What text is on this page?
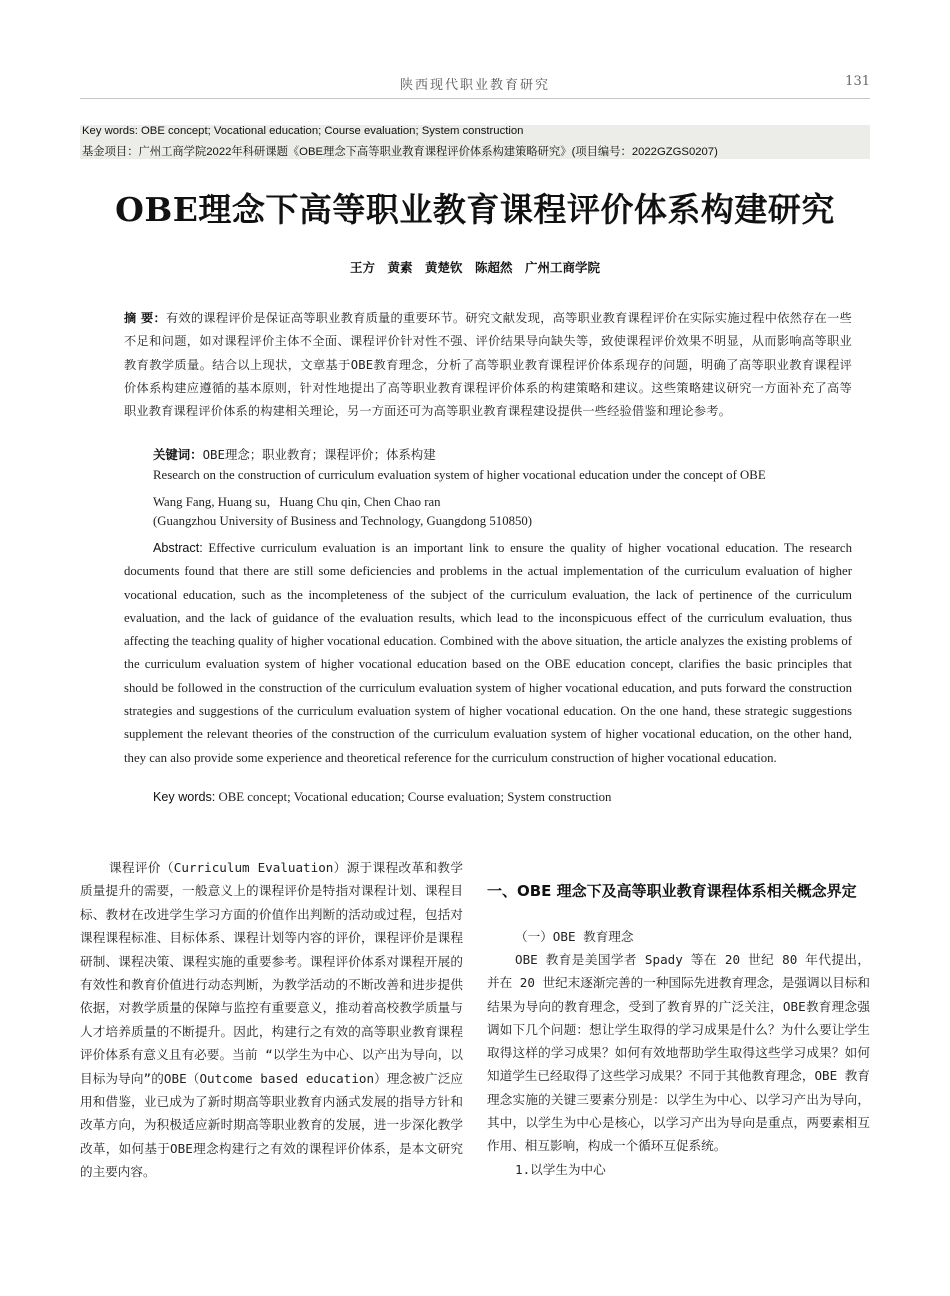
陕西现代职业教育研究	131
Key words: OBE concept; Vocational education; Course evaluation; System construction
基金项目：广州工商学院2022年科研课题《OBE理念下高等职业教育课程评价体系构建策略研究》(项目编号：2022GZGS0207)
OBE理念下高等职业教育课程评价体系构建研究
王方　黄素　黄楚钦　陈超然　广州工商学院
摘 要：有效的课程评价是保证高等职业教育质量的重要环节。研究文献发现，高等职业教育课程评价在实际实施过程中依然存在一些不足和问题，如对课程评价主体不全面、课程评价针对性不强、评价结果导向缺失等，致使课程评价效果不明显，从而影响高等职业教育教学质量。结合以上现状，文章基于OBE教育理念，分析了高等职业教育课程评价体系现存的问题，明确了高等职业教育课程评价体系构建应遵循的基本原则，针对性地提出了高等职业教育课程评价体系的构建策略和建议。这些策略建议研究一方面补充了高等职业教育课程评价体系的构建相关理论，另一方面还可为高等职业教育课程建设提供一些经验借鉴和理论参考。
关键词：OBE理念；职业教育；课程评价；体系构建
Research on the construction of curriculum evaluation system of higher vocational education under the concept of OBE
Wang Fang, Huang su，Huang Chu qin, Chen Chao ran
(Guangzhou University of Business and Technology, Guangdong 510850)
Abstract: Effective curriculum evaluation is an important link to ensure the quality of higher vocational education. The research documents found that there are still some deficiencies and problems in the actual implementation of the curriculum evaluation of higher vocational education, such as the incompleteness of the subject of the curriculum evaluation, the lack of pertinence of the curriculum evaluation, and the lack of guidance of the evaluation results, which lead to the inconspicuous effect of the curriculum evaluation, thus affecting the teaching quality of higher vocational education. Combined with the above situation, the article analyzes the existing problems of the curriculum evaluation system of higher vocational education based on the OBE education concept, clarifies the basic principles that should be followed in the construction of the curriculum evaluation system of higher vocational education, and puts forward the construction strategies and suggestions of the curriculum evaluation system of higher vocational education. On the one hand, these strategic suggestions supplement the relevant theories of the construction of the curriculum evaluation system of higher vocational education, on the other hand, they can also provide some experience and theoretical reference for the curriculum construction of higher vocational education.
Key words: OBE concept; Vocational education; Course evaluation; System construction
课程评价（Curriculum Evaluation）源于课程改革和教学质量提升的需要，一般意义上的课程评价是特指对课程计划、课程目标、教材在改进学生学习方面的价值作出判断的活动或过程，包括对课程课程标准、目标体系、课程计划等内容的评价，课程评价是课程研制、课程决策、课程实施的重要参考。课程评价体系对课程开展的有效性和教育价值进行动态判断，为教学活动的不断改善和进步提供依据，对教学质量的保障与监控有重要意义，推动着高校教学质量与人才培养质量的不断提升。因此，构建行之有效的高等职业教育课程评价体系有意义且有必要。当前 “以学生为中心、以产出为导向，以目标为导向”的OBE（Outcome based education）理念被广泛应用和借鉴，业已成为了新时期高等职业教育内涵式发展的指导方针和改革方向，为积极适应新时期高等职业教育的发展，进一步深化教学改革，如何基于OBE理念构建行之有效的课程评价体系，是本文研究的主要内容。
一、OBE 理念下及高等职业教育课程体系相关概念界定
（一）OBE 教育理念
OBE 教育是美国学者 Spady 等在 20 世纪 80 年代提出，并在 20 世纪末逐渐完善的一种国际先进教育理念，是强调以目标和结果为导向的教育理念，受到了教育界的广泛关注，OBE教育理念强调如下几个问题：想让学生取得的学习成果是什么？为什么要让学生取得这样的学习成果？如何有效地帮助学生取得这些学习成果？如何知道学生已经取得了这些学习成果？不同于其他教育理念，OBE 教育理念实施的关键三要素分别是：以学生为中心、以学习产出为导向，其中，以学生为中心是核心，以学习产出为导向是重点，两要素相互作用、相互影响，构成一个循环互促系统。
1.以学生为中心
